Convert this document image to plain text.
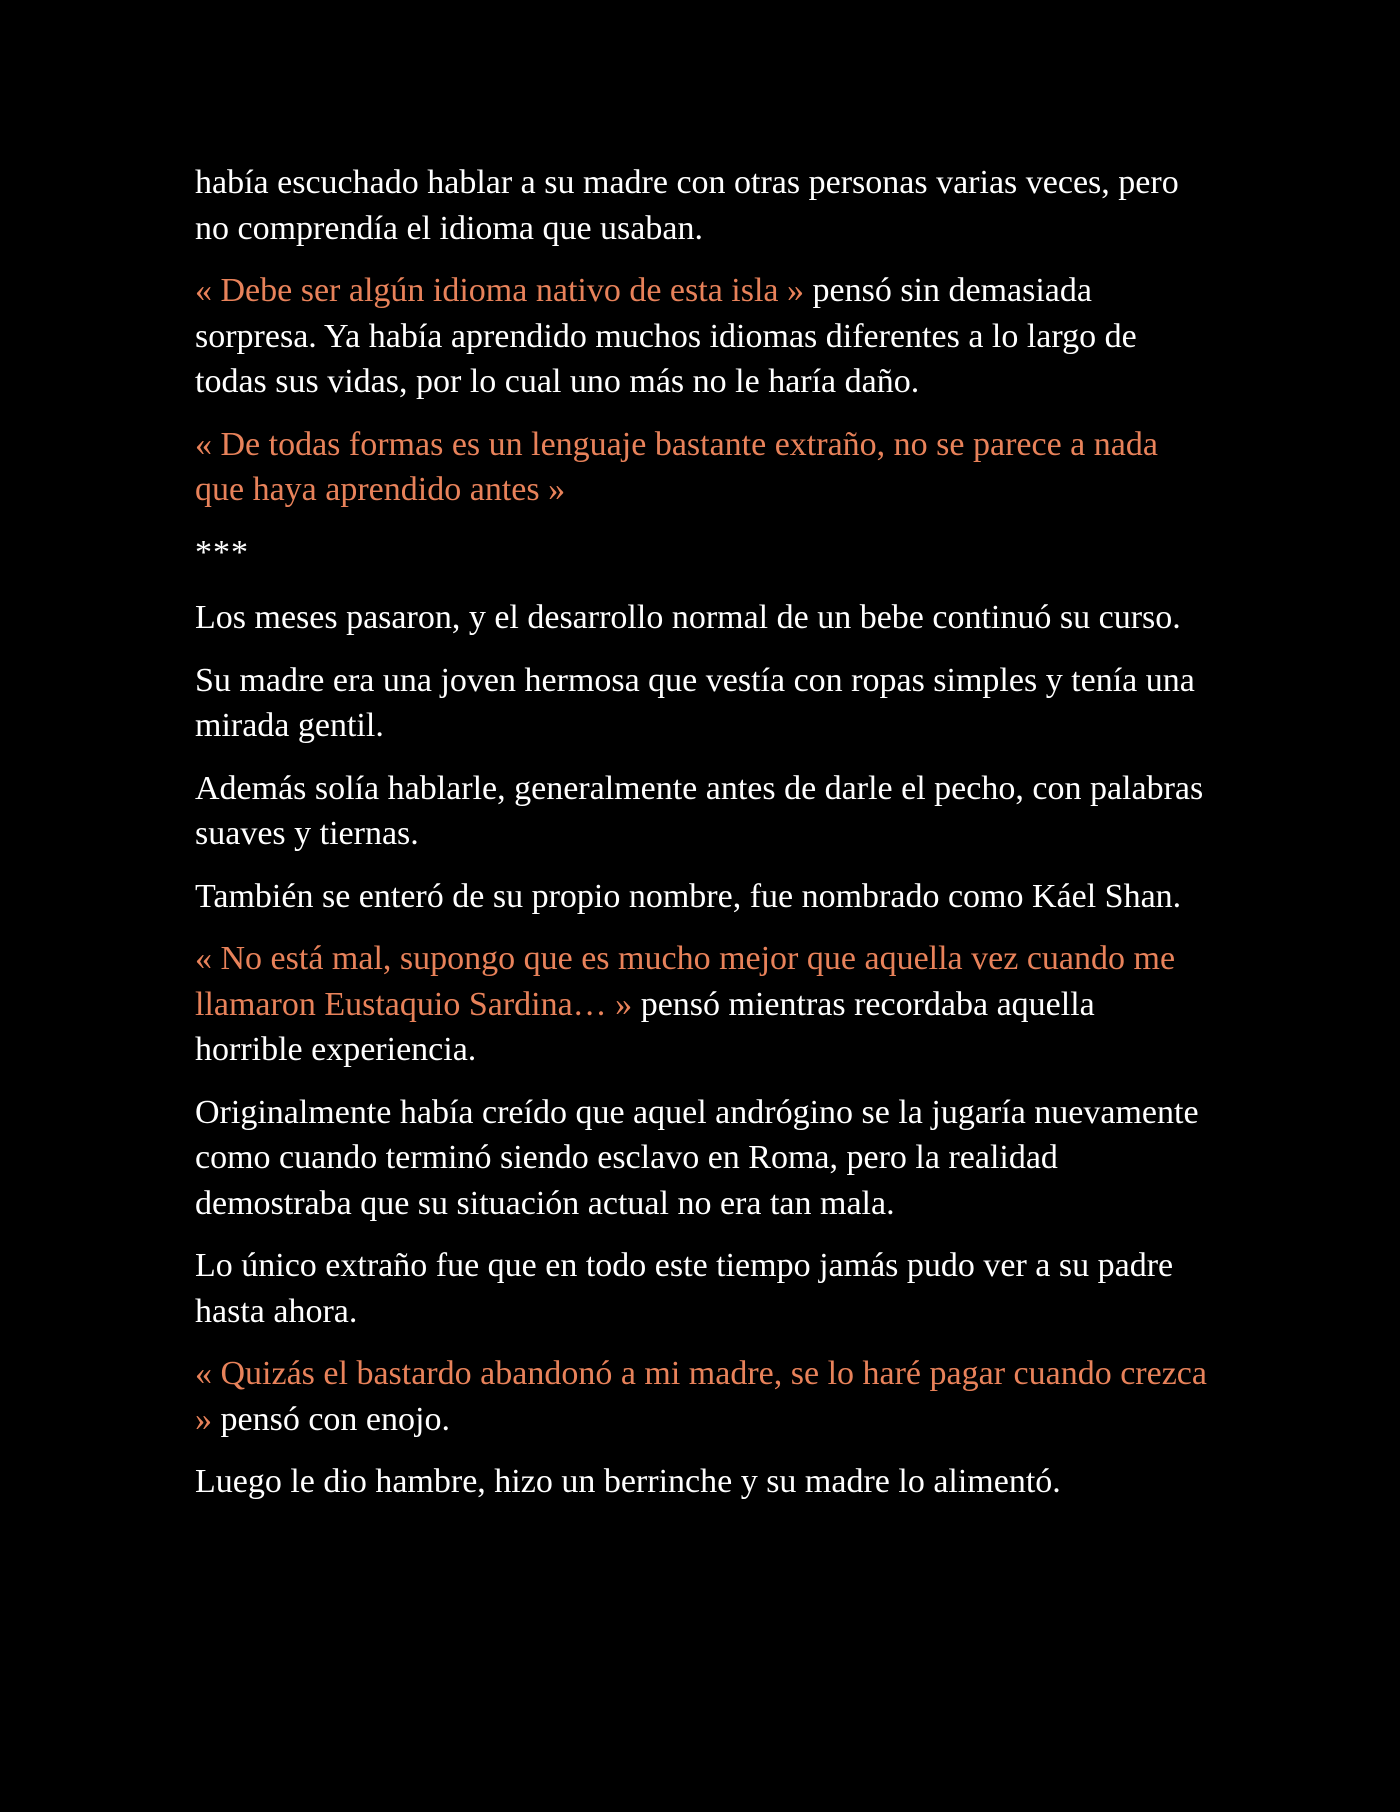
había escuchado hablar a su madre con otras personas varias veces, pero no comprendía el idioma que usaban.

« Debe ser algún idioma nativo de esta isla » pensó sin demasiada sorpresa. Ya había aprendido muchos idiomas diferentes a lo largo de todas sus vidas, por lo cual uno más no le haría daño.

« De todas formas es un lenguaje bastante extraño, no se parece a nada que haya aprendido antes »

***

Los meses pasaron, y el desarrollo normal de un bebe continuó su curso.

Su madre era una joven hermosa que vestía con ropas simples y tenía una mirada gentil.

Además solía hablarle, generalmente antes de darle el pecho, con palabras suaves y tiernas.

También se enteró de su propio nombre, fue nombrado como Káel Shan.

« No está mal, supongo que es mucho mejor que aquella vez cuando me llamaron Eustaquio Sardina… » pensó mientras recordaba aquella horrible experiencia.

Originalmente había creído que aquel andrógino se la jugaría nuevamente como cuando terminó siendo esclavo en Roma, pero la realidad demostraba que su situación actual no era tan mala.

Lo único extraño fue que en todo este tiempo jamás pudo ver a su padre hasta ahora.

« Quizás el bastardo abandonó a mi madre, se lo haré pagar cuando crezca » pensó con enojo.

Luego le dio hambre, hizo un berrinche y su madre lo alimentó.
